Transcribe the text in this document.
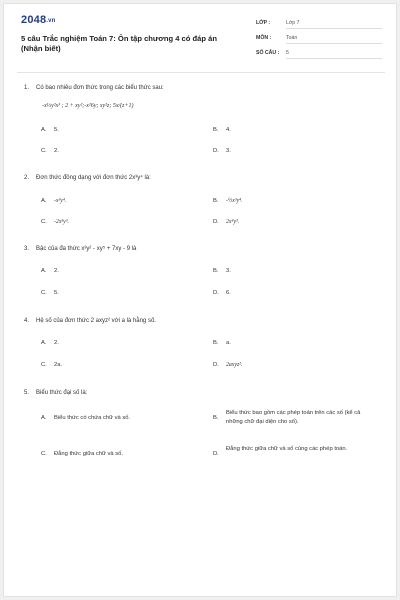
2048.vn
5 câu Trắc nghiệm Toán 7: Ôn tập chương 4 có đáp án (Nhận biết)
LỚP :	Lớp 7
MÔN :	Toán
SỐ CÂU : 5
1. Có bao nhiêu đơn thức trong các biểu thức sau:
-x⅓y²x³ ; 2 + xy²;-x²6y; xy²z; 5x/(z+1)
A. 5.	B. 4.
C. 2.	D. 3.
2. Đơn thức đồng dạng với đơn thức 2x³y⁴ là:
A. -x³y⁴.	B. -½x³y⁴.
C. -2x³y³.	D. 2x⁴y³.
3. Bậc của đa thức x³y² - xy⁵ + 7xy - 9 là
A. 2.	B. 3.
C. 5.	D. 6.
4. Hệ số của đơn thức 2 axyz² với a là hằng số.
A. 2.	B. a.
C. 2a.	D. 2axyz².
5. Biểu thức đại số là:
A. Biểu thức có chứa chữ và số.	B.
Biểu thức bao gồm các phép toán trên các số (kể cả những chữ đại diện cho số).
C. Đẳng thức giữa chữ và số.	D.
Đẳng thức giữa chữ và số cùng các phép toán.
